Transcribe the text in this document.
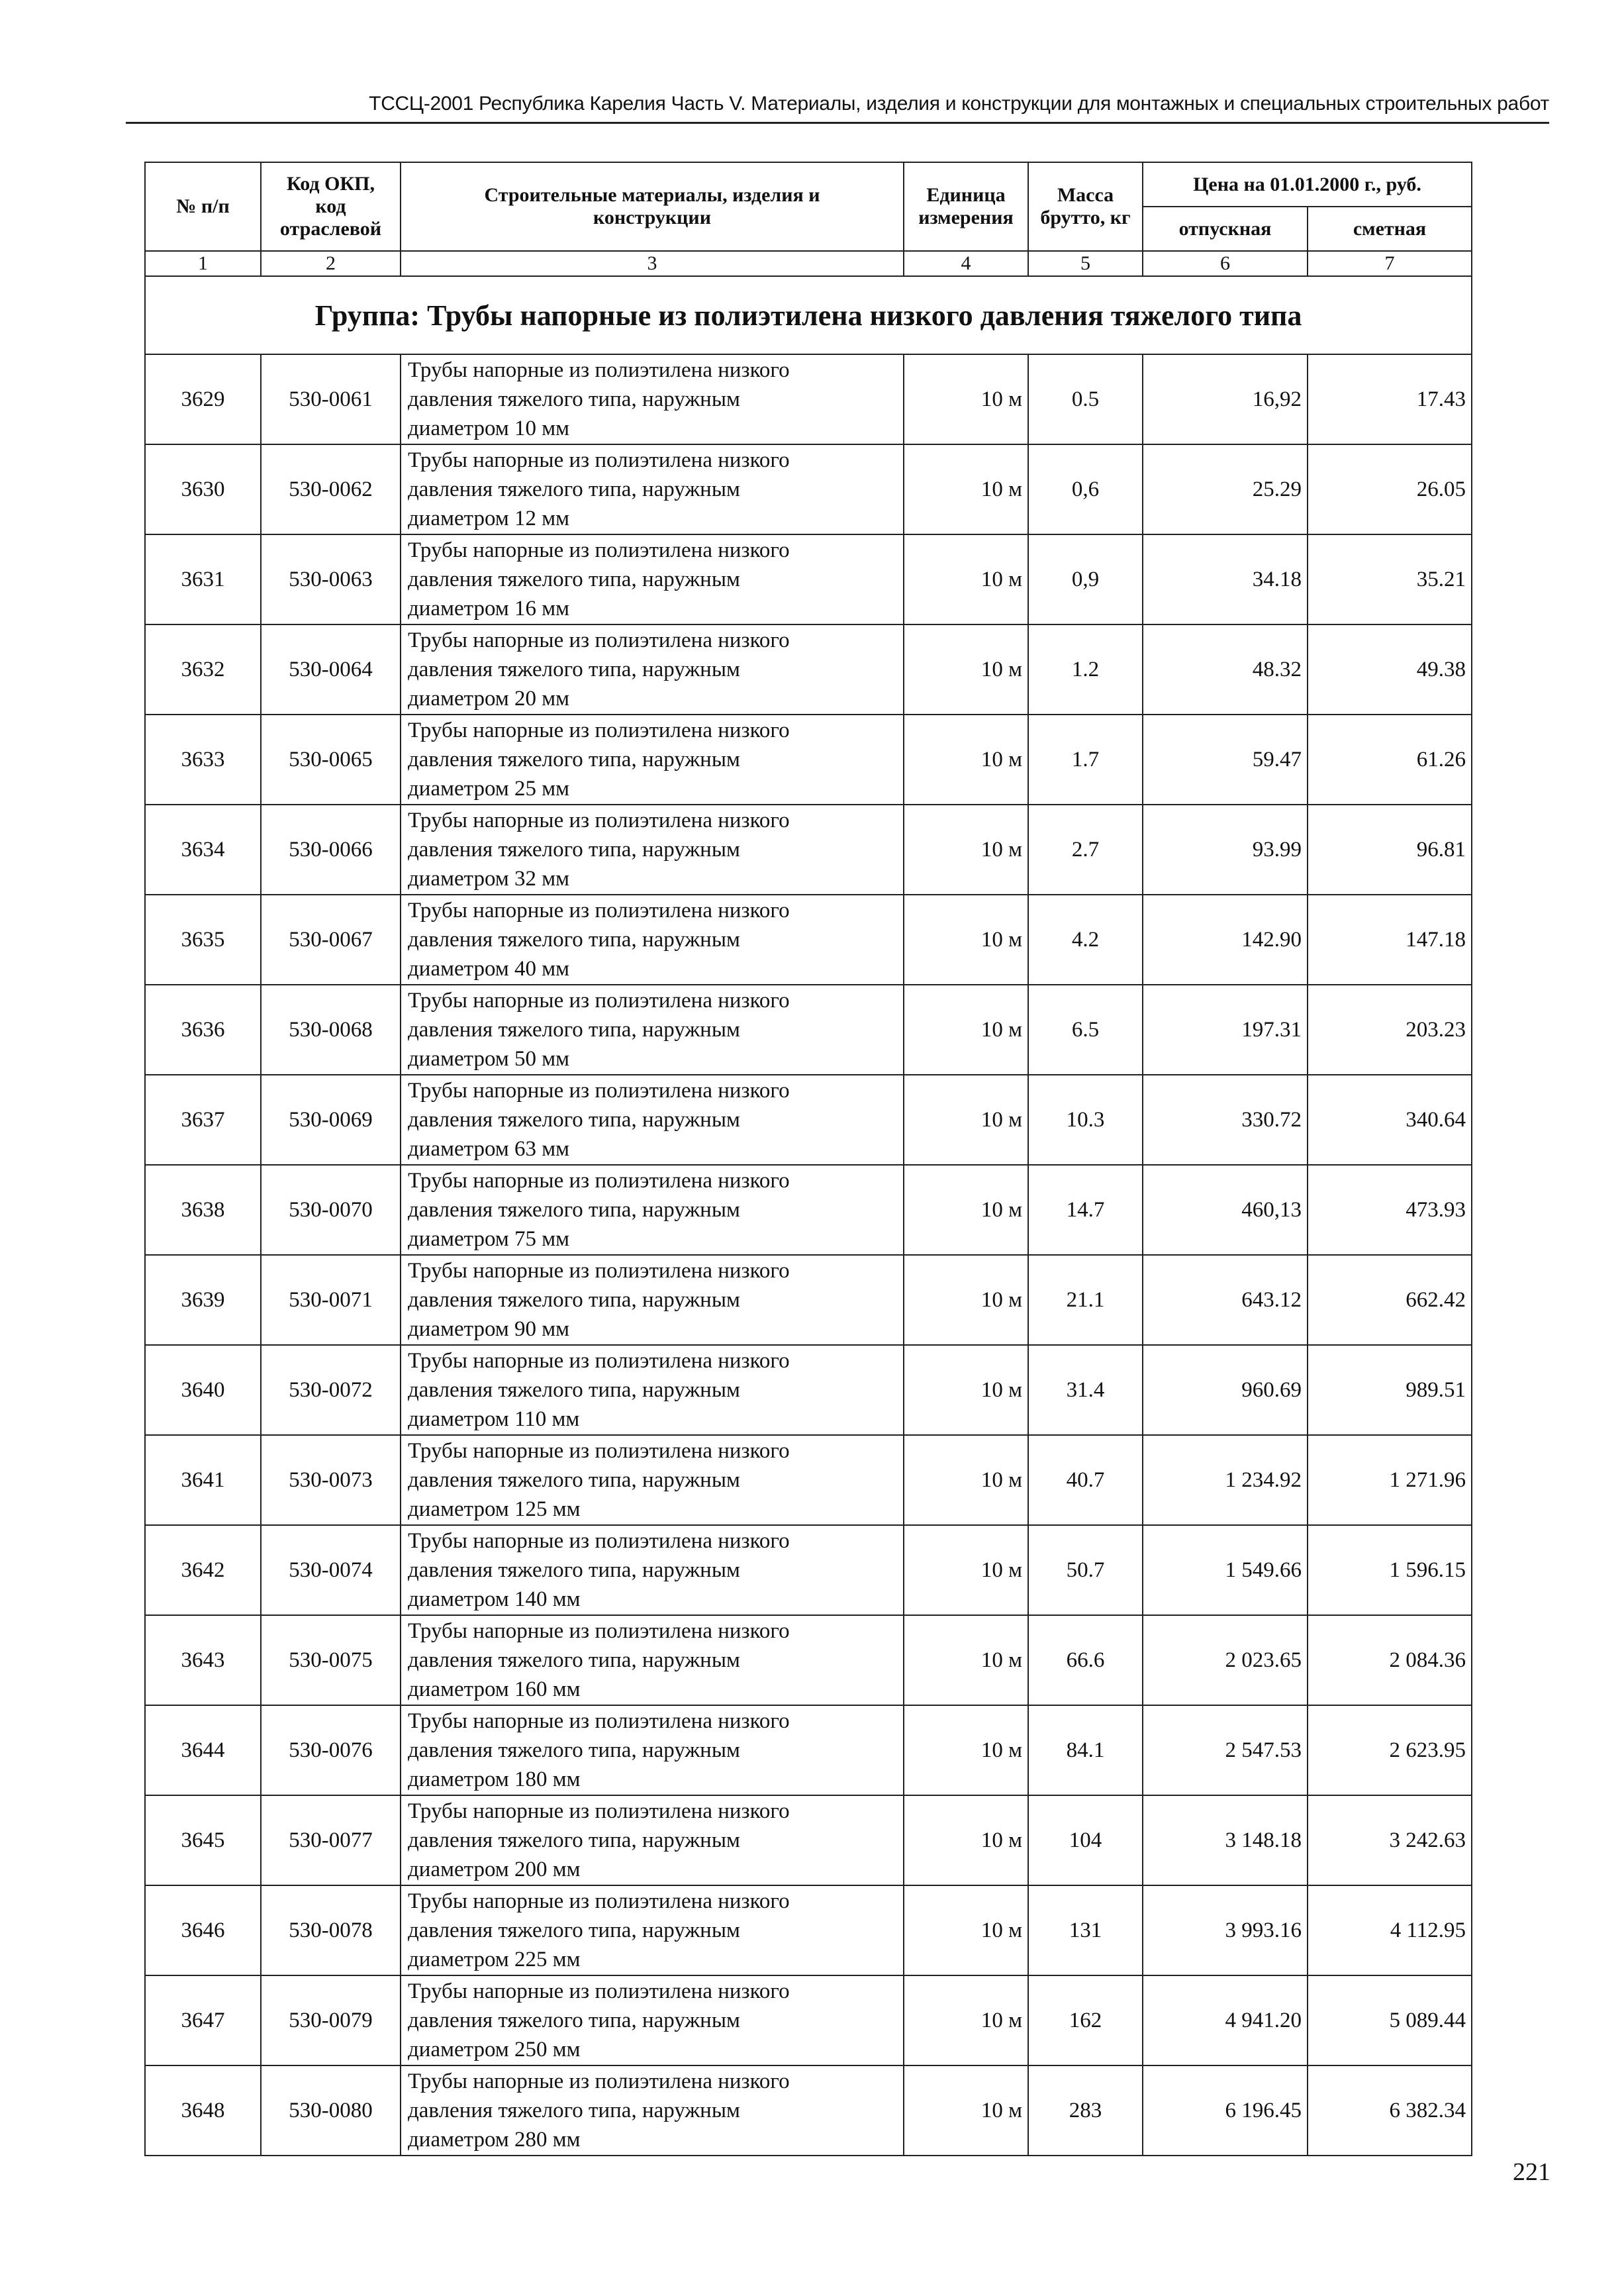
ТССЦ-2001 Республика Карелия Часть V. Материалы, изделия и конструкции для монтажных и специальных строительных работ
№ п/п	Код ОКП,
код
отраслевой	Строительные материалы, изделия и
конструкции	Единица
измерения	Масса
брутто, кг	Цена на 01.01.2000 г., руб.	
					отпускная	сметная
1	2	3	4	5	6	7
Группа: Трубы напорные из полиэтилена низкого давления тяжелого типа						
3629	530-0061	Трубы напорные из полиэтилена низкого
давления тяжелого типа, наружным
диаметром 10 мм	10 м	0.5	16,92	17.43
3630	530-0062	Трубы напорные из полиэтилена низкого
давления тяжелого типа, наружным
диаметром 12 мм	10 м	0,6	25.29	26.05
3631	530-0063	Трубы напорные из полиэтилена низкого
давления тяжелого типа, наружным
диаметром 16 мм	10 м	0,9	34.18	35.21
3632	530-0064	Трубы напорные из полиэтилена низкого
давления тяжелого типа, наружным
диаметром 20 мм	10 м	1.2	48.32	49.38
3633	530-0065	Трубы напорные из полиэтилена низкого
давления тяжелого типа, наружным
диаметром 25 мм	10 м	1.7	59.47	61.26
3634	530-0066	Трубы напорные из полиэтилена низкого
давления тяжелого типа, наружным
диаметром 32 мм	10 м	2.7	93.99	96.81
3635	530-0067	Трубы напорные из полиэтилена низкого
давления тяжелого типа, наружным
диаметром 40 мм	10 м	4.2	142.90	147.18
3636	530-0068	Трубы напорные из полиэтилена низкого
давления тяжелого типа, наружным
диаметром 50 мм	10 м	6.5	197.31	203.23
3637	530-0069	Трубы напорные из полиэтилена низкого
давления тяжелого типа, наружным
диаметром 63 мм	10 м	10.3	330.72	340.64
3638	530-0070	Трубы напорные из полиэтилена низкого
давления тяжелого типа, наружным
диаметром 75 мм	10 м	14.7	460,13	473.93
3639	530-0071	Трубы напорные из полиэтилена низкого
давления тяжелого типа, наружным
диаметром 90 мм	10 м	21.1	643.12	662.42
3640	530-0072	Трубы напорные из полиэтилена низкого
давления тяжелого типа, наружным
диаметром 110 мм	10 м	31.4	960.69	989.51
3641	530-0073	Трубы напорные из полиэтилена низкого
давления тяжелого типа, наружным
диаметром 125 мм	10 м	40.7	1 234.92	1 271.96
3642	530-0074	Трубы напорные из полиэтилена низкого
давления тяжелого типа, наружным
диаметром 140 мм	10 м	50.7	1 549.66	1 596.15
3643	530-0075	Трубы напорные из полиэтилена низкого
давления тяжелого типа, наружным
диаметром 160 мм	10 м	66.6	2 023.65	2 084.36
3644	530-0076	Трубы напорные из полиэтилена низкого
давления тяжелого типа, наружным
диаметром 180 мм	10 м	84.1	2 547.53	2 623.95
3645	530-0077	Трубы напорные из полиэтилена низкого
давления тяжелого типа, наружным
диаметром 200 мм	10 м	104	3 148.18	3 242.63
3646	530-0078	Трубы напорные из полиэтилена низкого
давления тяжелого типа, наружным
диаметром 225 мм	10 м	131	3 993.16	4 112.95
3647	530-0079	Трубы напорные из полиэтилена низкого
давления тяжелого типа, наружным
диаметром 250 мм	10 м	162	4 941.20	5 089.44
3648	530-0080	Трубы напорные из полиэтилена низкого
давления тяжелого типа, наружным
диаметром 280 мм	10 м	283	6 196.45	6 382.34
221
